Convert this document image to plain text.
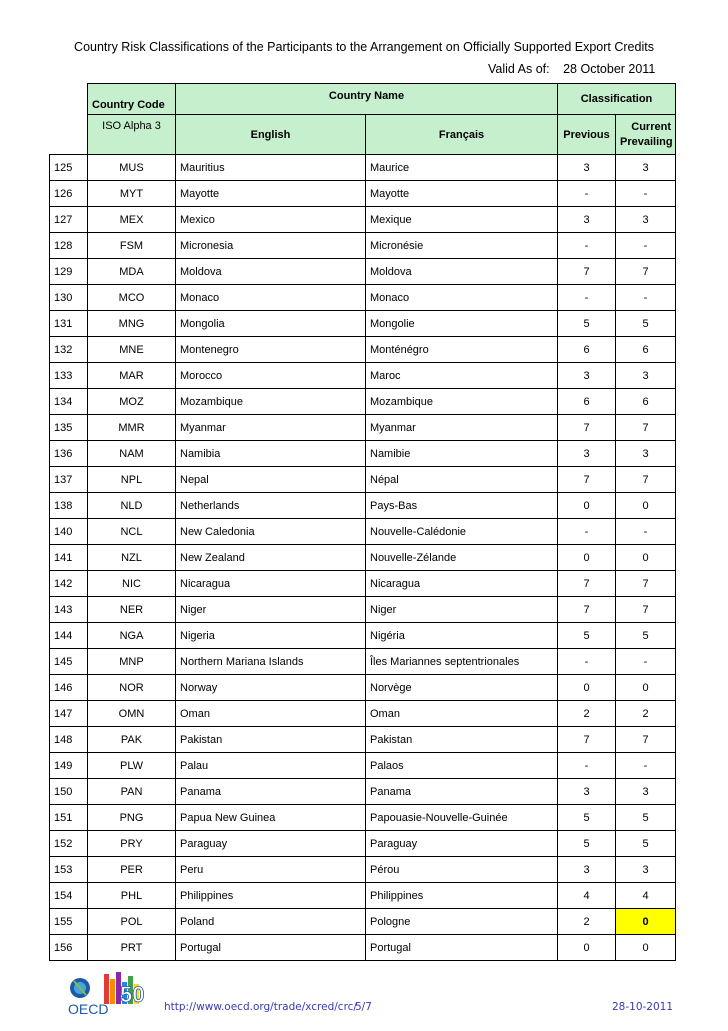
Country Risk Classifications of the Participants to the Arrangement on Officially Supported Export Credits
Valid As of: 28 October 2011
	Country Code	Country Name		Classification	
	ISO Alpha 3	English	Français	Previous	Current Prevailing
125	MUS	Mauritius	Maurice	3	3
126	MYT	Mayotte	Mayotte	-	-
127	MEX	Mexico	Mexique	3	3
128	FSM	Micronesia	Micronésie	-	-
129	MDA	Moldova	Moldova	7	7
130	MCO	Monaco	Monaco	-	-
131	MNG	Mongolia	Mongolie	5	5
132	MNE	Montenegro	Monténégro	6	6
133	MAR	Morocco	Maroc	3	3
134	MOZ	Mozambique	Mozambique	6	6
135	MMR	Myanmar	Myanmar	7	7
136	NAM	Namibia	Namibie	3	3
137	NPL	Nepal	Népal	7	7
138	NLD	Netherlands	Pays-Bas	0	0
140	NCL	New Caledonia	Nouvelle-Calédonie	-	-
141	NZL	New Zealand	Nouvelle-Zélande	0	0
142	NIC	Nicaragua	Nicaragua	7	7
143	NER	Niger	Niger	7	7
144	NGA	Nigeria	Nigéria	5	5
145	MNP	Northern Mariana Islands	Îles Mariannes septentrionales	-	-
146	NOR	Norway	Norvège	0	0
147	OMN	Oman	Oman	2	2
148	PAK	Pakistan	Pakistan	7	7
149	PLW	Palau	Palaos	-	-
150	PAN	Panama	Panama	3	3
151	PNG	Papua New Guinea	Papouasie-Nouvelle-Guinée	5	5
152	PRY	Paraguay	Paraguay	5	5
153	PER	Peru	Pérou	3	3
154	PHL	Philippines	Philippines	4	4
155	POL	Poland	Pologne	2	0
156	PRT	Portugal	Portugal	0	0
OECD
50 http://www.oecd.org/trade/xcred/crc/
5/7	28-10-2011
